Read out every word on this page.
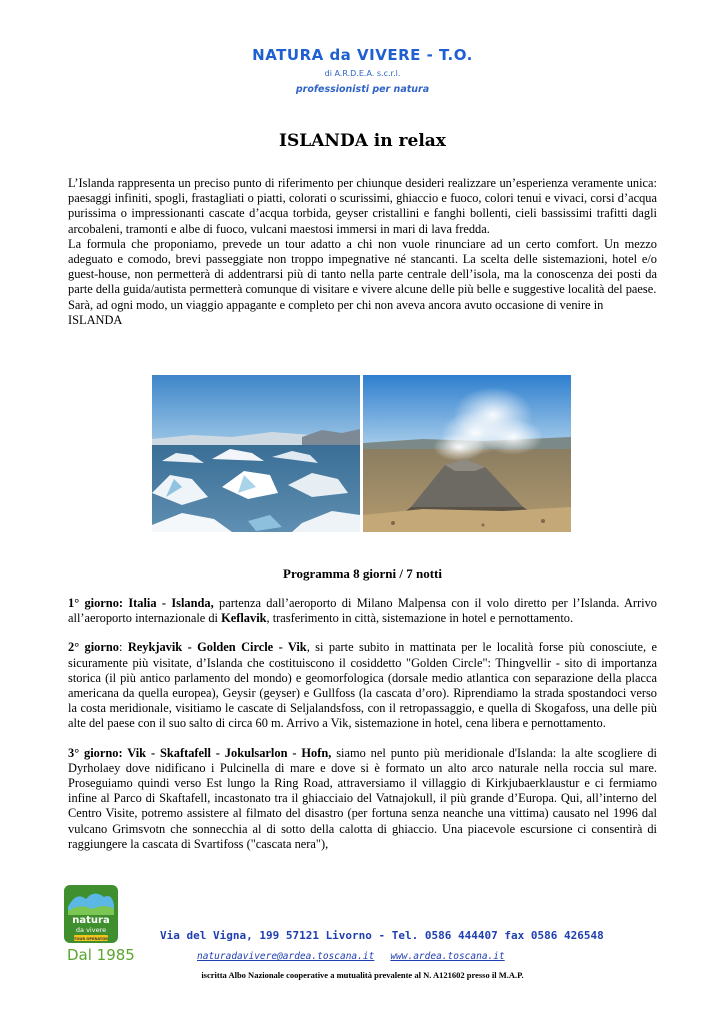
NATURA da VIVERE - T.O.
di A.R.D.E.A. s.c.r.l.
professionisti per natura
ISLANDA in relax

L’Islanda rappresenta un preciso punto di riferimento per chiunque desideri realizzare un’esperienza veramente unica: paesaggi infiniti, spogli, frastagliati o piatti, colorati o scurissimi, ghiaccio e fuoco, colori tenui e vivaci, corsi d’acqua purissima o impressionanti cascate d’acqua torbida, geyser cristallini e fanghi bollenti, cieli bassissimi trafitti dagli arcobaleni, tramonti e albe di fuoco, vulcani maestosi immersi in mari di lava fredda.

La formula che proponiamo, prevede un tour adatto a chi non vuole rinunciare ad un certo comfort. Un mezzo adeguato e comodo, brevi passeggiate non troppo impegnative né stancanti. La scelta delle sistemazioni, hotel e/o guest-house, non permetterà di addentrarsi più di tanto nella parte centrale dell’isola, ma la conoscenza dei posti da parte della guida/autista permetterà comunque di visitare e vivere alcune delle più belle e suggestive località del paese.

Sarà, ad ogni modo, un viaggio appagante e completo per chi non aveva ancora avuto occasione di venire in ISLANDA

Programma 8 giorni / 7 notti

1° giorno: Italia - Islanda, partenza dall’aeroporto di Milano Malpensa con il volo diretto per l’Islanda. Arrivo all’aeroporto internazionale di Keflavik, trasferimento in città, sistemazione in hotel e pernottamento.

2° giorno: Reykjavik - Golden Circle - Vik, si parte subito in mattinata per le località forse più conosciute, e sicuramente più visitate, d’Islanda che costituiscono il cosiddetto "Golden Circle": Thingvellir - sito di importanza storica (il più antico parlamento del mondo) e geomorfologica (dorsale medio atlantica con separazione della placca americana da quella europea), Geysir (geyser) e Gullfoss (la cascata d’oro). Riprendiamo la strada spostandoci verso la costa meridionale, visitiamo le cascate di Seljalandsfoss, con il retropassaggio, e quella di Skogafoss, una delle più alte del paese con il suo salto di circa 60 m. Arrivo a Vik, sistemazione in hotel, cena libera e pernottamento.

3° giorno: Vik - Skaftafell - Jokulsarlon - Hofn, siamo nel punto più meridionale d'Islanda: la alte scogliere di Dyrholaey dove nidificano i Pulcinella di mare e dove si è formato un alto arco naturale nella roccia sul mare. Proseguiamo quindi verso Est lungo la Ring Road, attraversiamo il villaggio di Kirkjubaerklaustur e ci fermiamo infine al Parco di Skaftafell, incastonato tra il ghiacciaio del Vatnajokull, il più grande d’Europa. Qui, all’interno del Centro Visite, potremo assistere al filmato del disastro (per fortuna senza neanche una vittima) causato nel 1996 dal vulcano Grimsvotn che sonnecchia al di sotto della calotta di ghiaccio. Una piacevole escursione ci consentirà di raggiungere la cascata di Svartifoss ("cascata nera"),

natura
da vivere
TOUR OPERATOR
Dal 1985
Via del Vigna, 199 57121 Livorno - Tel. 0586 444407 fax 0586 426548
naturadavivere@ardea.toscana.it www.ardea.toscana.it
iscritta Albo Nazionale cooperative a mutualità prevalente al N. A121602 presso il M.A.P.
